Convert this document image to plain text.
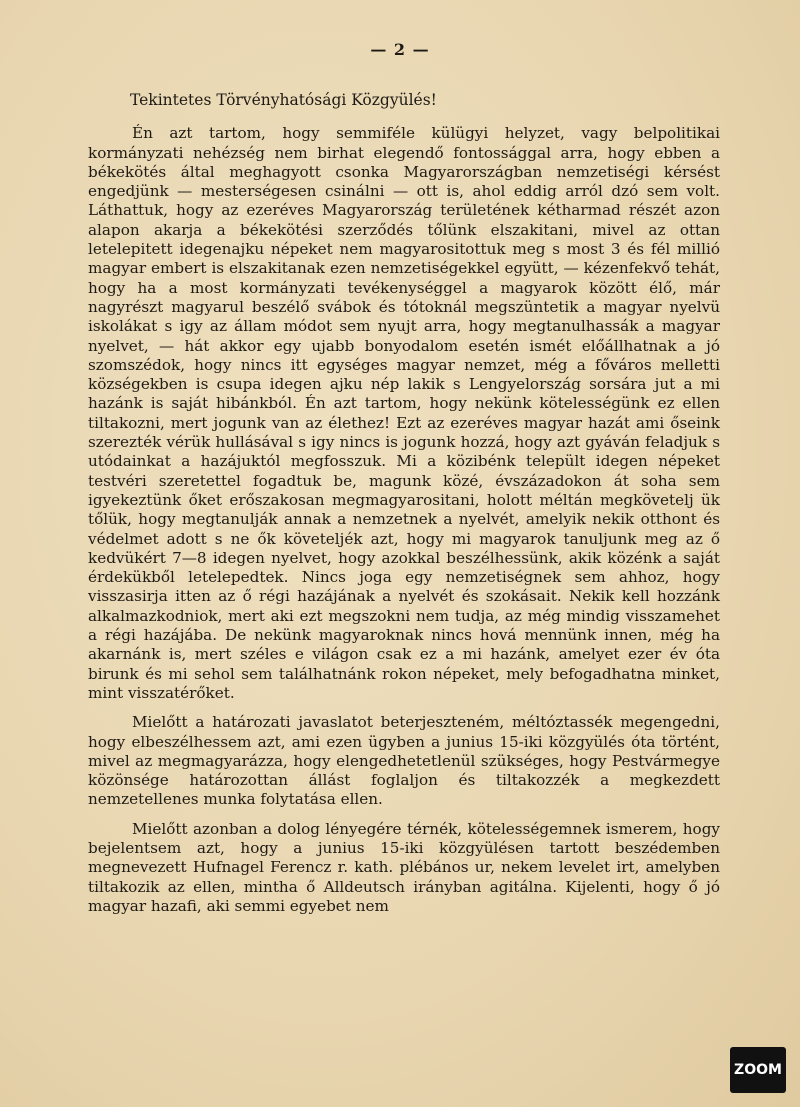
— 2 —
Tekintetes Törvényhatósági Közgyülés!

Én azt tartom, hogy semmiféle külügyi helyzet, vagy belpolitikai kormányzati nehézség nem birhat elegendő fontossággal arra, hogy ebben a békekötés által meghagyott csonka Magyarországban nemzetiségi kérsést engedjünk — mesterségesen csinálni — ott is, ahol eddig arról dzó sem volt. Láthattuk, hogy az ezeréves Magyarország területének kétharmad részét azon alapon akarja a békekötési szerződés tőlünk elszakitani, mivel az ottan letelepitett idegenajku népeket nem magyarositottuk meg s most 3 és fél millió magyar embert is elszakitanak ezen nemzetiségekkel együtt, — kézenfekvő tehát, hogy ha a most kormányzati tevékenységgel a magyarok között élő, már nagyrészt magyarul beszélő svábok és tótoknál megszüntetik a magyar nyelvü iskolákat s igy az állam módot sem nyujt arra, hogy megtanulhassák a magyar nyelvet, — hát akkor egy ujabb bonyodalom esetén ismét előállhatnak a jó szomszédok, hogy nincs itt egységes magyar nemzet, még a főváros melletti községekben is csupa idegen ajku nép lakik s Lengyelország sorsára jut a mi hazánk is saját hibánkból. Én azt tartom, hogy nekünk kötelességünk ez ellen tiltakozni, mert jogunk van az élethez! Ezt az ezeréves magyar hazát ami őseink szerezték vérük hullásával s igy nincs is jogunk hozzá, hogy azt gyáván feladjuk s utódainkat a hazájuktól megfosszuk. Mi a közibénk települt idegen népeket testvéri szeretettel fogadtuk be, magunk közé, évszázadokon át soha sem igyekeztünk őket erőszakosan megmagyarositani, holott méltán megkövetelj ük tőlük, hogy megtanulják annak a nemzetnek a nyelvét, amelyik nekik otthont és védelmet adott s ne ők követeljék azt, hogy mi magyarok tanuljunk meg az ő kedvükért 7—8 idegen nyelvet, hogy azokkal beszélhessünk, akik közénk a saját érdekükből letelepedtek. Nincs joga egy nemzetiségnek sem ahhoz, hogy visszasirja itten az ő régi hazájának a nyelvét és szokásait. Nekik kell hozzánk alkalmazkodniok, mert aki ezt megszokni nem tudja, az még mindig visszamehet a régi hazájába. De nekünk magyaroknak nincs hová mennünk innen, még ha akarnánk is, mert széles e világon csak ez a mi hazánk, amelyet ezer év óta birunk és mi sehol sem találhatnánk rokon népeket, mely befogadhatna minket, mint visszatérőket.

Mielőtt a határozati javaslatot beterjeszteném, méltóztassék megengedni, hogy elbeszélhessem azt, ami ezen ügyben a junius 15-iki közgyülés óta történt, mivel az megmagyarázza, hogy elengedhetetlenül szükséges, hogy Pestvármegye közönsége határozottan állást foglaljon és tiltakozzék a megkezdett nemzetellenes munka folytatása ellen.

Mielőtt azonban a dolog lényegére térnék, kötelességemnek ismerem, hogy bejelentsem azt, hogy a junius 15-iki közgyülésen tartott beszédemben megnevezett Hufnagel Ferencz r. kath. plébános ur, nekem levelet irt, amelyben tiltakozik az ellen, mintha ő Alldeutsch irányban agitálna. Kijelenti, hogy ő jó magyar hazafi, aki semmi egyebet nem

ZOOM
